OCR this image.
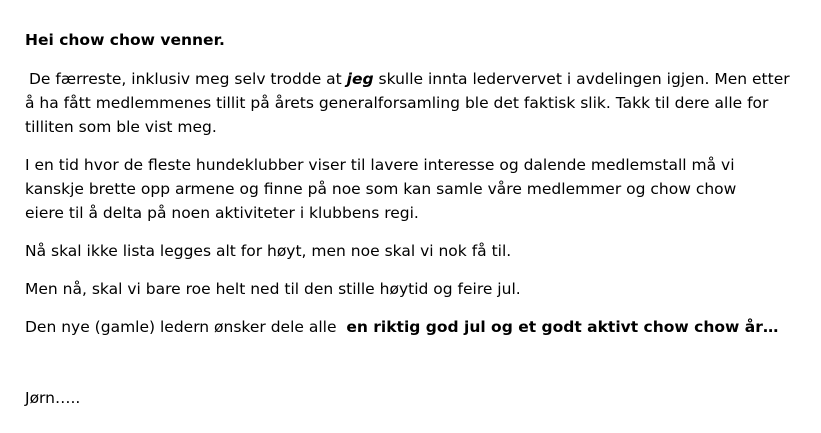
Hei chow chow venner.

De færreste, inklusiv meg selv trodde at jeg skulle innta ledervervet i avdelingen igjen. Men etter
å ha fått medlemmenes tillit på årets generalforsamling ble det faktisk slik. Takk til dere alle for
tilliten som ble vist meg.

I en tid hvor de fleste hundeklubber viser til lavere interesse og dalende medlemstall må vi
kanskje brette opp armene og finne på noe som kan samle våre medlemmer og chow chow
eiere til å delta på noen aktiviteter i klubbens regi.

Nå skal ikke lista legges alt for høyt, men noe skal vi nok få til.

Men nå, skal vi bare roe helt ned til den stille høytid og feire jul.

Den nye (gamle) ledern ønsker dele alle  en riktig god jul og et godt aktivt chow chow år…

Jørn…..
